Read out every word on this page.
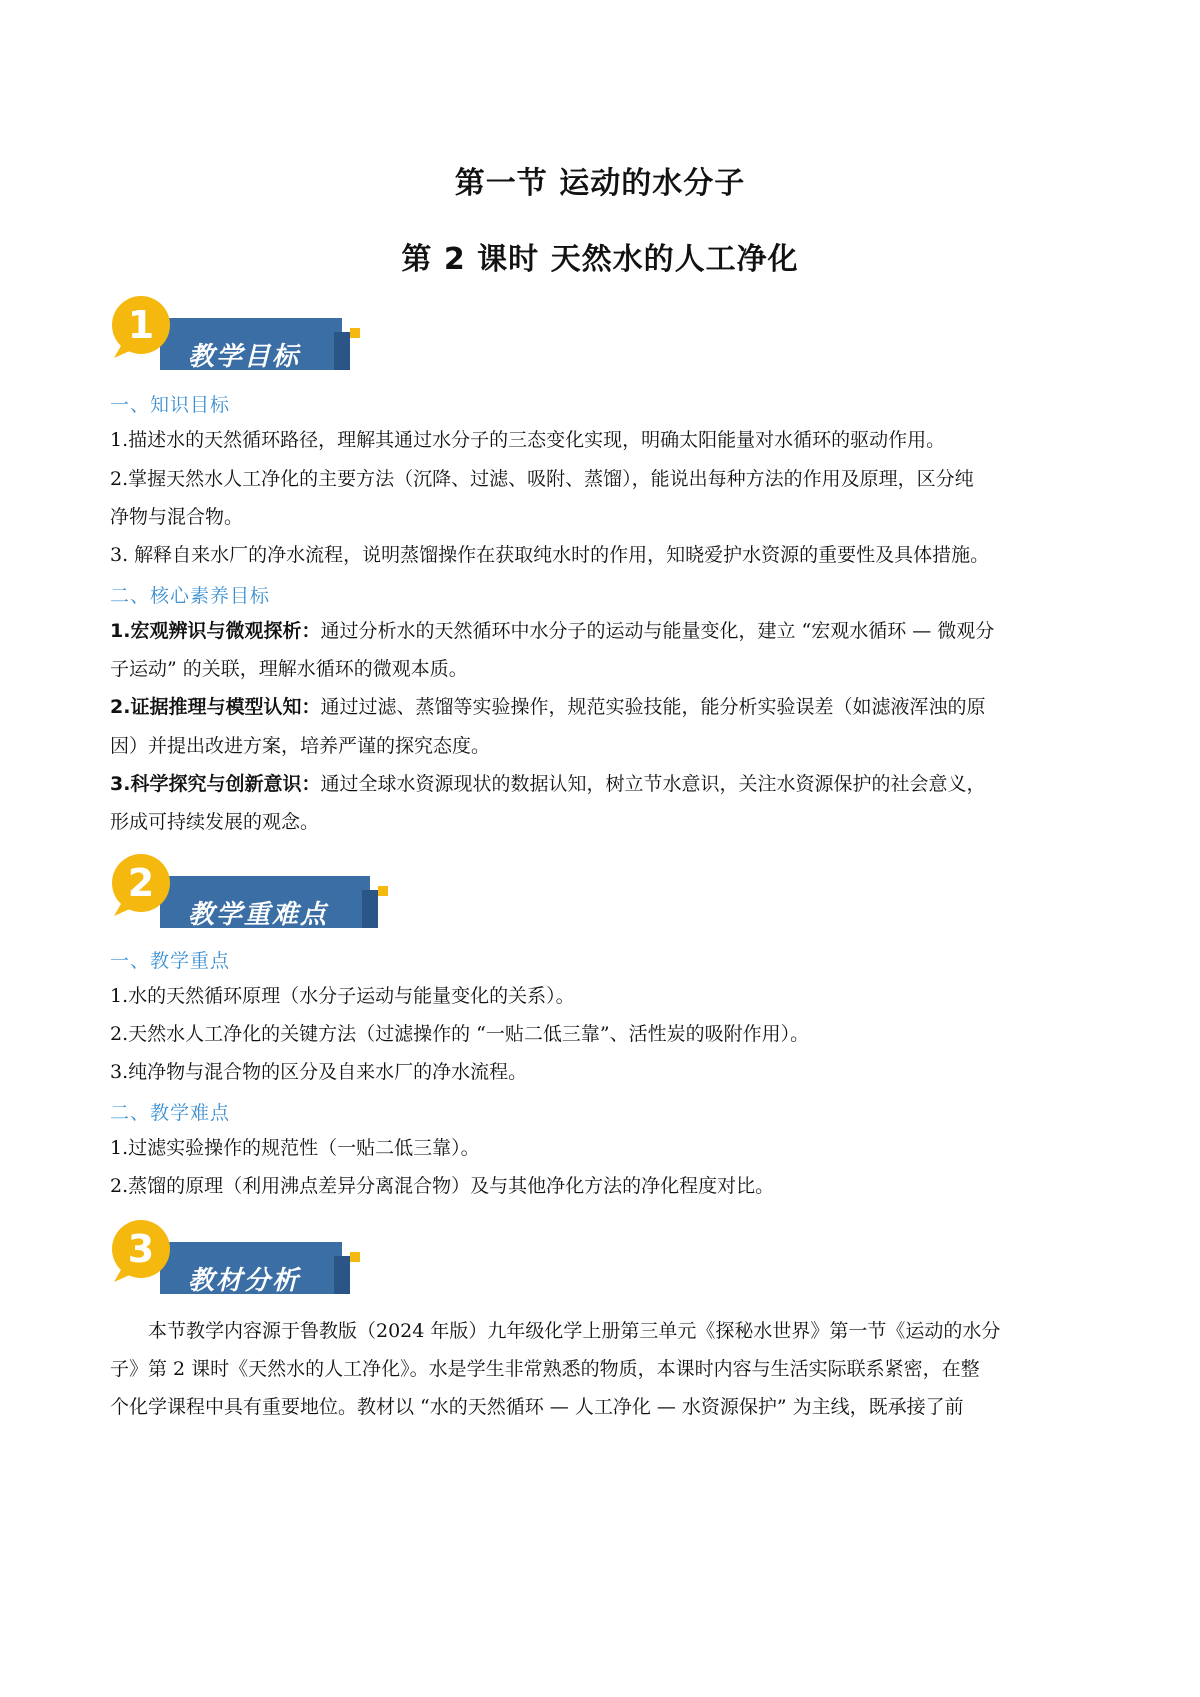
第一节 运动的水分子
第 2 课时 天然水的人工净化
1
教学目标
一、知识目标
1.描述水的天然循环路径，理解其通过水分子的三态变化实现，明确太阳能量对水循环的驱动作用。
2.掌握天然水人工净化的主要方法（沉降、过滤、吸附、蒸馏），能说出每种方法的作用及原理，区分纯
净物与混合物。
3. 解释自来水厂的净水流程，说明蒸馏操作在获取纯水时的作用，知晓爱护水资源的重要性及具体措施。
二、核心素养目标
1.宏观辨识与微观探析：通过分析水的天然循环中水分子的运动与能量变化，建立 “宏观水循环 — 微观分
子运动” 的关联，理解水循环的微观本质。
2.证据推理与模型认知：通过过滤、蒸馏等实验操作，规范实验技能，能分析实验误差（如滤液浑浊的原
因）并提出改进方案，培养严谨的探究态度。
3.科学探究与创新意识：通过全球水资源现状的数据认知，树立节水意识，关注水资源保护的社会意义，
形成可持续发展的观念。
2
教学重难点
一、教学重点
1.水的天然循环原理（水分子运动与能量变化的关系）。
2.天然水人工净化的关键方法（过滤操作的 “一贴二低三靠”、活性炭的吸附作用）。
3.纯净物与混合物的区分及自来水厂的净水流程。
二、教学难点
1.过滤实验操作的规范性（一贴二低三靠）。
2.蒸馏的原理（利用沸点差异分离混合物）及与其他净化方法的净化程度对比。
3
教材分析
本节教学内容源于鲁教版（2024 年版）九年级化学上册第三单元《探秘水世界》第一节《运动的水分
子》第 2 课时《天然水的人工净化》。水是学生非常熟悉的物质，本课时内容与生活实际联系紧密，在整
个化学课程中具有重要地位。教材以 “水的天然循环 — 人工净化 — 水资源保护” 为主线，既承接了前
